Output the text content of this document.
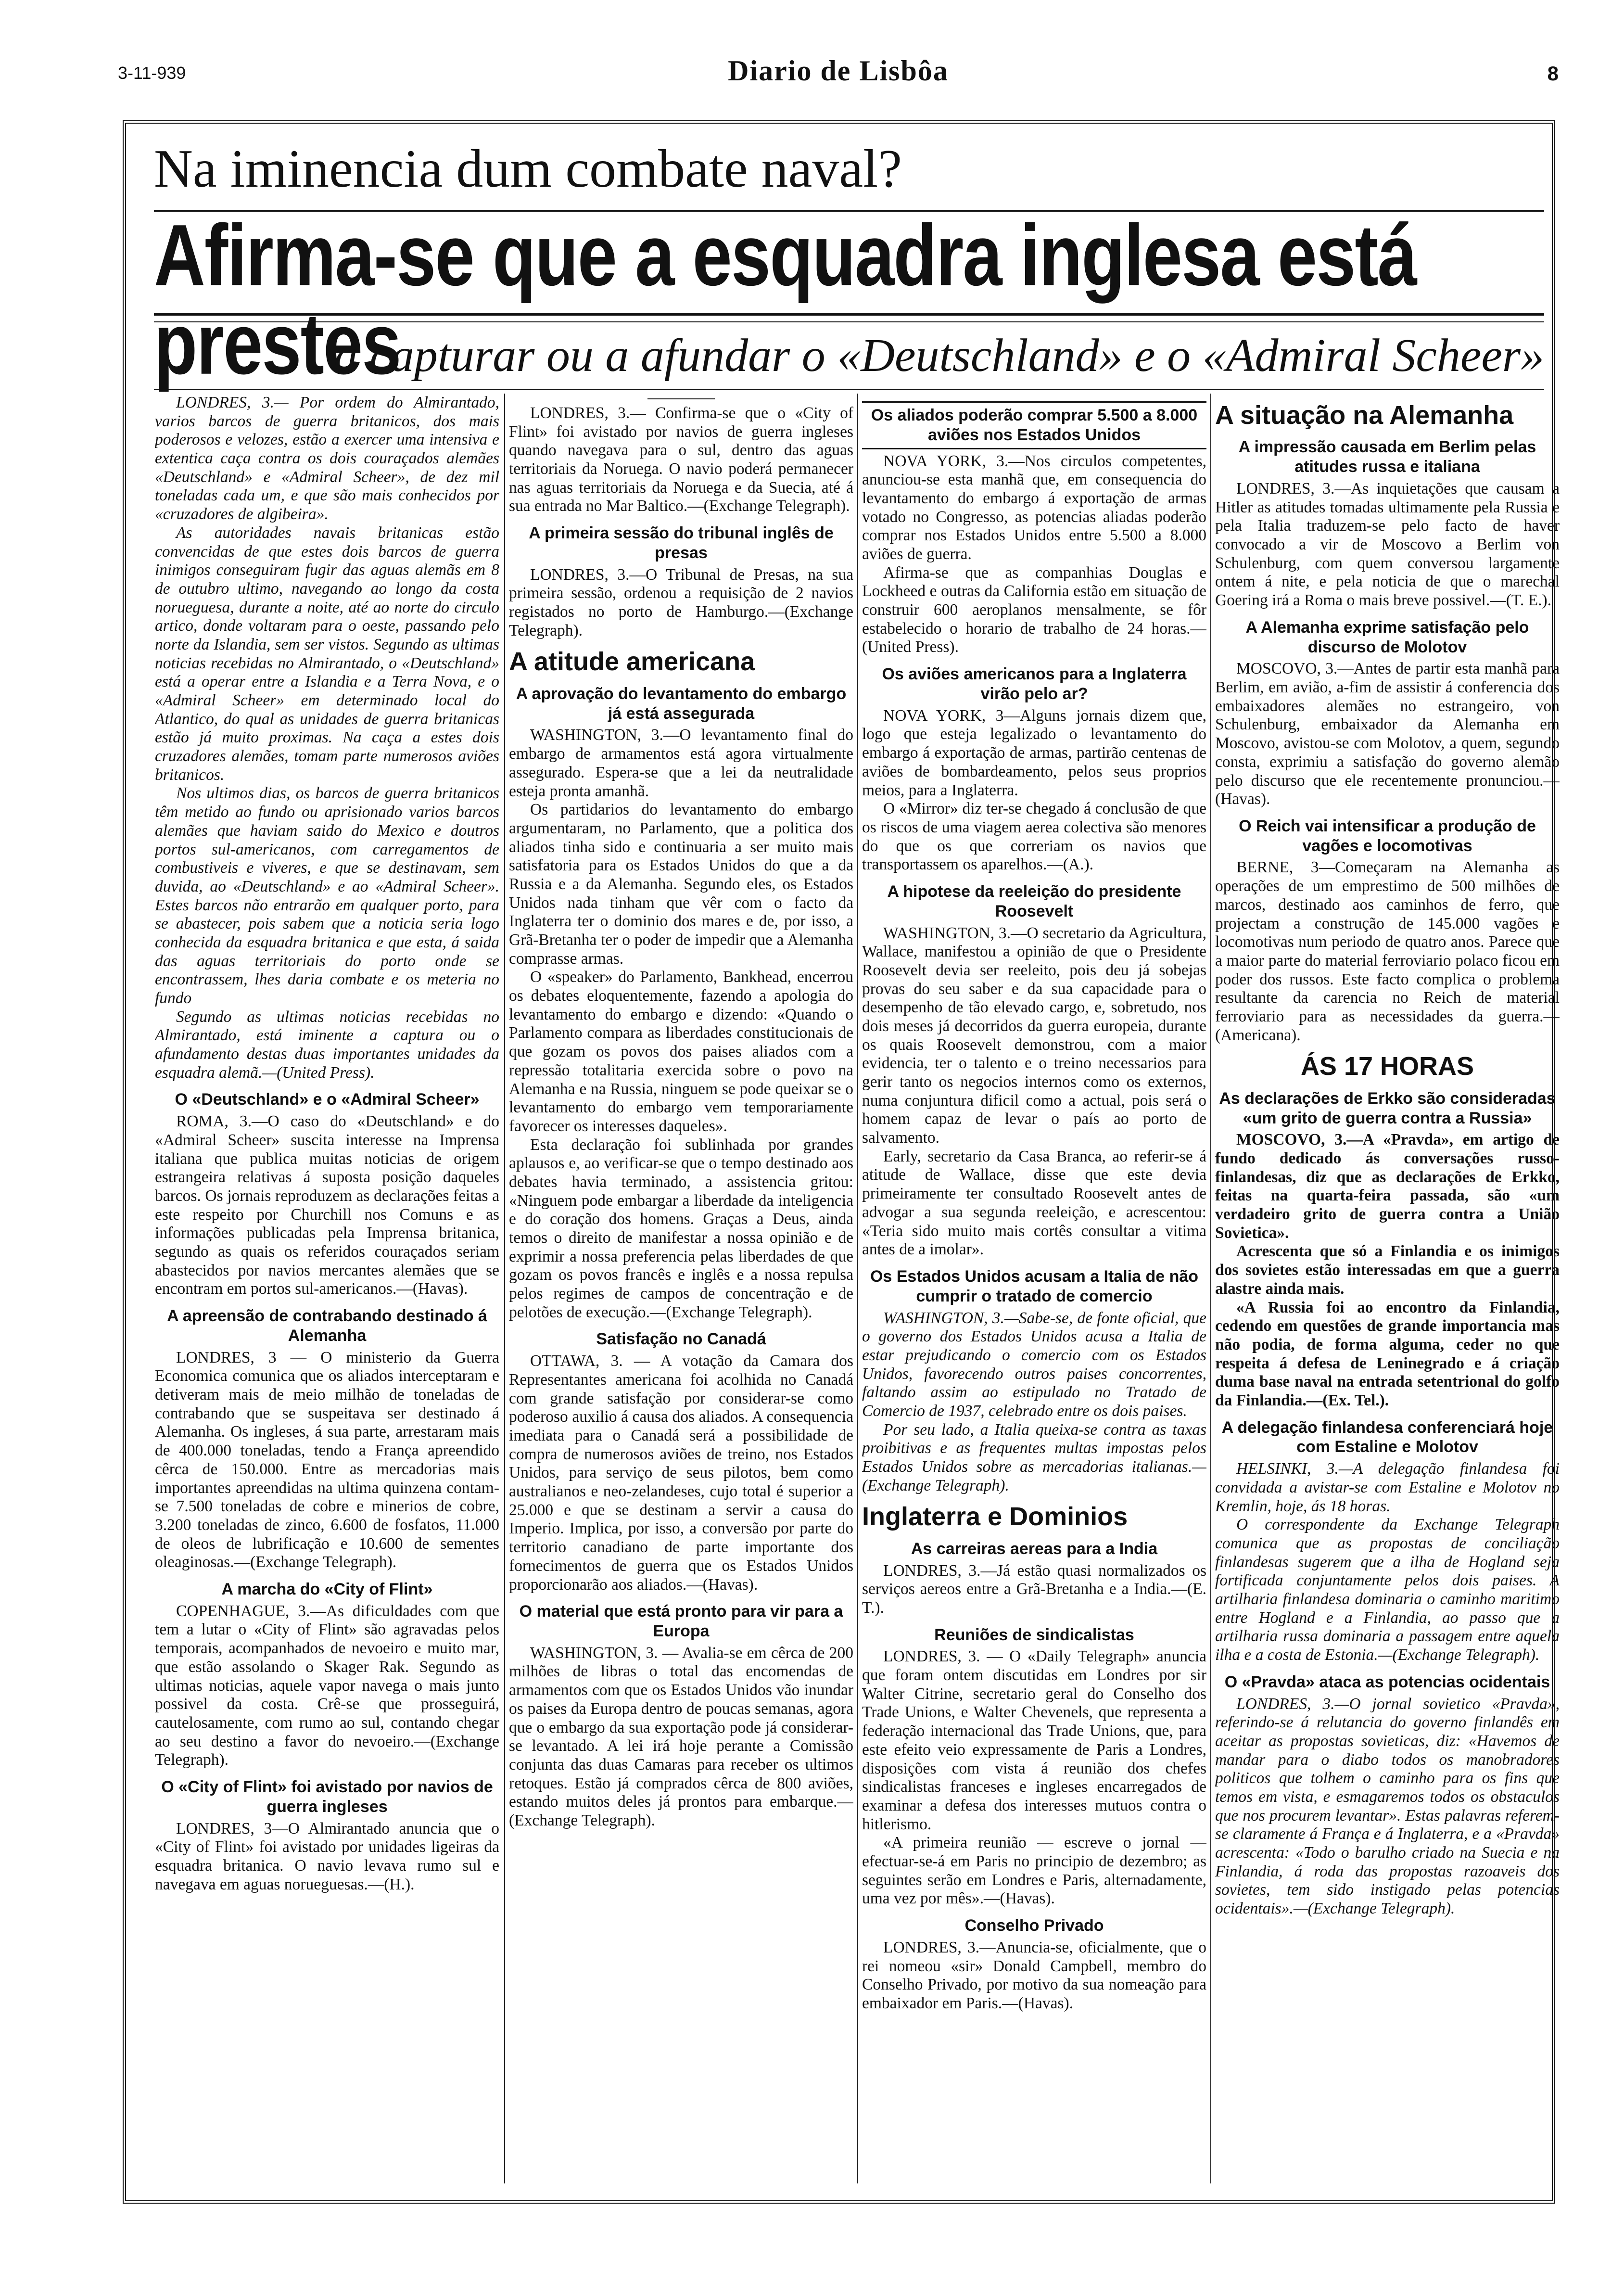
3-11-939	Diario de Lisbôa	8
Na iminencia dum combate naval?
Afirma-se que a esquadra inglesa está prestes
a capturar ou a afundar o «Deutschland» e o «Admiral Scheer»

LONDRES, 3.— Por ordem do Almirantado, varios barcos de guerra britanicos, dos mais poderosos e velozes, estão a exercer uma intensiva e extentica caça contra os dois couraçados alemães «Deutschland» e «Admiral Scheer», de dez mil toneladas cada um, e que são mais conhecidos por «cruzadores de algibeira».

As autoridades navais britanicas estão convencidas de que estes dois barcos de guerra inimigos conseguiram fugir das aguas alemãs em 8 de outubro ultimo, navegando ao longo da costa norueguesa, durante a noite, até ao norte do circulo artico, donde voltaram para o oeste, passando pelo norte da Islandia, sem ser vistos. Segundo as ultimas noticias recebidas no Almirantado, o «Deutschland» está a operar entre a Islandia e a Terra Nova, e o «Admiral Scheer» em determinado local do Atlantico, do qual as unidades de guerra britanicas estão já muito proximas. Na caça a estes dois cruzadores alemães, tomam parte numerosos aviões britanicos.

Nos ultimos dias, os barcos de guerra britanicos têm metido ao fundo ou aprisionado varios barcos alemães que haviam saido do Mexico e doutros portos sul-americanos, com carregamentos de combustiveis e viveres, e que se destinavam, sem duvida, ao «Deutschland» e ao «Admiral Scheer». Estes barcos não entrarão em qualquer porto, para se abastecer, pois sabem que a noticia seria logo conhecida da esquadra britanica e que esta, á saida das aguas territoriais do porto onde se encontrassem, lhes daria combate e os meteria no fundo

Segundo as ultimas noticias recebidas no Almirantado, está iminente a captura ou o afundamento destas duas importantes unidades da esquadra alemã.—(United Press).

O «Deutschland» e o «Admiral Scheer»

ROMA, 3.—O caso do «Deutschland» e do «Admiral Scheer» suscita interesse na Imprensa italiana que publica muitas noticias de origem estrangeira relativas á suposta posição daqueles barcos. Os jornais reproduzem as declarações feitas a este respeito por Churchill nos Comuns e as informações publicadas pela Imprensa britanica, segundo as quais os referidos couraçados seriam abastecidos por navios mercantes alemães que se encontram em portos sul-americanos.—(Havas).

A apreensão de contrabando destinado á Alemanha

LONDRES, 3 — O ministerio da Guerra Economica comunica que os aliados interceptaram e detiveram mais de meio milhão de toneladas de contrabando que se suspeitava ser destinado á Alemanha. Os ingleses, á sua parte, arrestaram mais de 400.000 toneladas, tendo a França apreendido cêrca de 150.000. Entre as mercadorias mais importantes apreendidas na ultima quinzena contam-se 7.500 toneladas de cobre e minerios de cobre, 3.200 toneladas de zinco, 6.600 de fosfatos, 11.000 de oleos de lubrificação e 10.600 de sementes oleaginosas.—(Exchange Telegraph).

A marcha do «City of Flint»

COPENHAGUE, 3.—As dificuldades com que tem a lutar o «City of Flint» são agravadas pelos temporais, acompanhados de nevoeiro e muito mar, que estão assolando o Skager Rak. Segundo as ultimas noticias, aquele vapor navega o mais junto possivel da costa. Crê-se que prosseguirá, cautelosamente, com rumo ao sul, contando chegar ao seu destino a favor do nevoeiro.—(Exchange Telegraph).

O «City of Flint» foi avistado por navios de guerra ingleses

LONDRES, 3—O Almirantado anuncia que o «City of Flint» foi avistado por unidades ligeiras da esquadra britanica. O navio levava rumo sul e navegava em aguas norueguesas.—(H.).

LONDRES, 3.— Confirma-se que o «City of Flint» foi avistado por navios de guerra ingleses quando navegava para o sul, dentro das aguas territoriais da Noruega. O navio poderá permanecer nas aguas territoriais da Noruega e da Suecia, até á sua entrada no Mar Baltico.—(Exchange Telegraph).

A primeira sessão do tribunal inglês de presas

LONDRES, 3.—O Tribunal de Presas, na sua primeira sessão, ordenou a requisição de 2 navios registados no porto de Hamburgo.—(Exchange Telegraph).

A atitude americana
A aprovação do levantamento do embargo já está assegurada

WASHINGTON, 3.—O levantamento final do embargo de armamentos está agora virtualmente assegurado. Espera-se que a lei da neutralidade esteja pronta amanhã.

Os partidarios do levantamento do embargo argumentaram, no Parlamento, que a politica dos aliados tinha sido e continuaria a ser muito mais satisfatoria para os Estados Unidos do que a da Russia e a da Alemanha. Segundo eles, os Estados Unidos nada tinham que vêr com o facto da Inglaterra ter o dominio dos mares e de, por isso, a Grã-Bretanha ter o poder de impedir que a Alemanha comprasse armas.

O «speaker» do Parlamento, Bankhead, encerrou os debates eloquentemente, fazendo a apologia do levantamento do embargo e dizendo: «Quando o Parlamento compara as liberdades constitucionais de que gozam os povos dos paises aliados com a repressão totalitaria exercida sobre o povo na Alemanha e na Russia, ninguem se pode queixar se o levantamento do embargo vem temporariamente favorecer os interesses daqueles».

Esta declaração foi sublinhada por grandes aplausos e, ao verificar-se que o tempo destinado aos debates havia terminado, a assistencia gritou: «Ninguem pode embargar a liberdade da inteligencia e do coração dos homens. Graças a Deus, ainda temos o direito de manifestar a nossa opinião e de exprimir a nossa preferencia pelas liberdades de que gozam os povos francês e inglês e a nossa repulsa pelos regimes de campos de concentração e de pelotões de execução.—(Exchange Telegraph).

Satisfação no Canadá

OTTAWA, 3. — A votação da Camara dos Representantes americana foi acolhida no Canadá com grande satisfação por considerar-se como poderoso auxilio á causa dos aliados. A consequencia imediata para o Canadá será a possibilidade de compra de numerosos aviões de treino, nos Estados Unidos, para serviço de seus pilotos, bem como australianos e neo-zelandeses, cujo total é superior a 25.000 e que se destinam a servir a causa do Imperio. Implica, por isso, a conversão por parte do territorio canadiano de parte importante dos fornecimentos de guerra que os Estados Unidos proporcionarão aos aliados.—(Havas).

O material que está pronto para vir para a Europa

WASHINGTON, 3. — Avalia-se em cêrca de 200 milhões de libras o total das encomendas de armamentos com que os Estados Unidos vão inundar os paises da Europa dentro de poucas semanas, agora que o embargo da sua exportação pode já considerar-se levantado. A lei irá hoje perante a Comissão conjunta das duas Camaras para receber os ultimos retoques. Estão já comprados cêrca de 800 aviões, estando muitos deles já prontos para embarque.—(Exchange Telegraph).

Os aliados poderão comprar 5.500 a 8.000 aviões nos Estados Unidos

NOVA YORK, 3.—Nos circulos competentes, anunciou-se esta manhã que, em consequencia do levantamento do embargo á exportação de armas votado no Congresso, as potencias aliadas poderão comprar nos Estados Unidos entre 5.500 a 8.000 aviões de guerra.

Afirma-se que as companhias Douglas e Lockheed e outras da California estão em situação de construir 600 aeroplanos mensalmente, se fôr estabelecido o horario de trabalho de 24 horas.—(United Press).

Os aviões americanos para a Inglaterra virão pelo ar?

NOVA YORK, 3—Alguns jornais dizem que, logo que esteja legalizado o levantamento do embargo á exportação de armas, partirão centenas de aviões de bombardeamento, pelos seus proprios meios, para a Inglaterra.

O «Mirror» diz ter-se chegado á conclusão de que os riscos de uma viagem aerea colectiva são menores do que os que correriam os navios que transportassem os aparelhos.—(A.).

A hipotese da reeleição do presidente Roosevelt

WASHINGTON, 3.—O secretario da Agricultura, Wallace, manifestou a opinião de que o Presidente Roosevelt devia ser reeleito, pois deu já sobejas provas do seu saber e da sua capacidade para o desempenho de tão elevado cargo, e, sobretudo, nos dois meses já decorridos da guerra europeia, durante os quais Roosevelt demonstrou, com a maior evidencia, ter o talento e o treino necessarios para gerir tanto os negocios internos como os externos, numa conjuntura dificil como a actual, pois será o homem capaz de levar o país ao porto de salvamento.

Early, secretario da Casa Branca, ao referir-se á atitude de Wallace, disse que este devia primeiramente ter consultado Roosevelt antes de advogar a sua segunda reeleição, e acrescentou: «Teria sido muito mais cortês consultar a vitima antes de a imolar».

Os Estados Unidos acusam a Italia de não cumprir o tratado de comercio

WASHINGTON, 3.—Sabe-se, de fonte oficial, que o governo dos Estados Unidos acusa a Italia de estar prejudicando o comercio com os Estados Unidos, favorecendo outros paises concorrentes, faltando assim ao estipulado no Tratado de Comercio de 1937, celebrado entre os dois paises.

Por seu lado, a Italia queixa-se contra as taxas proibitivas e as frequentes multas impostas pelos Estados Unidos sobre as mercadorias italianas.—(Exchange Telegraph).

Inglaterra e Dominios
As carreiras aereas para a India

LONDRES, 3.—Já estão quasi normalizados os serviços aereos entre a Grã-Bretanha e a India.—(E. T.).

Reuniões de sindicalistas

LONDRES, 3. — O «Daily Telegraph» anuncia que foram ontem discutidas em Londres por sir Walter Citrine, secretario geral do Conselho dos Trade Unions, e Walter Chevenels, que representa a federação internacional das Trade Unions, que, para este efeito veio expressamente de Paris a Londres, disposições com vista á reunião dos chefes sindicalistas franceses e ingleses encarregados de examinar a defesa dos interesses mutuos contra o hitlerismo.

«A primeira reunião — escreve o jornal — efectuar-se-á em Paris no principio de dezembro; as seguintes serão em Londres e Paris, alternadamente, uma vez por mês».—(Havas).

Conselho Privado

LONDRES, 3.—Anuncia-se, oficialmente, que o rei nomeou «sir» Donald Campbell, membro do Conselho Privado, por motivo da sua nomeação para embaixador em Paris.—(Havas).

A situação na Alemanha
A impressão causada em Berlim pelas atitudes russa e italiana

LONDRES, 3.—As inquietações que causam a Hitler as atitudes tomadas ultimamente pela Russia e pela Italia traduzem-se pelo facto de haver convocado a vir de Moscovo a Berlim von Schulenburg, com quem conversou largamente ontem á nite, e pela noticia de que o marechal Goering irá a Roma o mais breve possivel.—(T. E.).

A Alemanha exprime satisfação pelo discurso de Molotov

MOSCOVO, 3.—Antes de partir esta manhã para Berlim, em avião, a-fim de assistir á conferencia dos embaixadores alemães no estrangeiro, von Schulenburg, embaixador da Alemanha em Moscovo, avistou-se com Molotov, a quem, segundo consta, exprimiu a satisfação do governo alemão pelo discurso que ele recentemente pronunciou.—(Havas).

O Reich vai intensificar a produção de vagões e locomotivas

BERNE, 3—Começaram na Alemanha as operações de um emprestimo de 500 milhões de marcos, destinado aos caminhos de ferro, que projectam a construção de 145.000 vagões e locomotivas num periodo de quatro anos. Parece que a maior parte do material ferroviario polaco ficou em poder dos russos. Este facto complica o problema resultante da carencia no Reich de material ferroviario para as necessidades da guerra.—(Americana).

ÁS 17 HORAS
As declarações de Erkko são consideradas «um grito de guerra contra a Russia»

MOSCOVO, 3.—A «Pravda», em artigo de fundo dedicado ás conversações russo-finlandesas, diz que as declarações de Erkko, feitas na quarta-feira passada, são «um verdadeiro grito de guerra contra a União Sovietica».

Acrescenta que só a Finlandia e os inimigos dos sovietes estão interessadas em que a guerra alastre ainda mais.

«A Russia foi ao encontro da Finlandia, cedendo em questões de grande importancia mas não podia, de forma alguma, ceder no que respeita á defesa de Leninegrado e á criação duma base naval na entrada setentrional do golfo da Finlandia.—(Ex. Tel.).

A delegação finlandesa conferenciará hoje com Estaline e Molotov

HELSINKI, 3.—A delegação finlandesa foi convidada a avistar-se com Estaline e Molotov no Kremlin, hoje, ás 18 horas.

O correspondente da Exchange Telegraph comunica que as propostas de conciliação finlandesas sugerem que a ilha de Hogland seja fortificada conjuntamente pelos dois paises. A artilharia finlandesa dominaria o caminho maritimo entre Hogland e a Finlandia, ao passo que a artilharia russa dominaria a passagem entre aquela ilha e a costa de Estonia.—(Exchange Telegraph).

O «Pravda» ataca as potencias ocidentais

LONDRES, 3.—O jornal sovietico «Pravda», referindo-se á relutancia do governo finlandês em aceitar as propostas sovieticas, diz: «Havemos de mandar para o diabo todos os manobradores politicos que tolhem o caminho para os fins que temos em vista, e esmagaremos todos os obstaculos que nos procurem levantar». Estas palavras referem-se claramente á França e á Inglaterra, e a «Pravda» acrescenta: «Todo o barulho criado na Suecia e na Finlandia, á roda das propostas razoaveis dos sovietes, tem sido instigado pelas potencias ocidentais».—(Exchange Telegraph).
